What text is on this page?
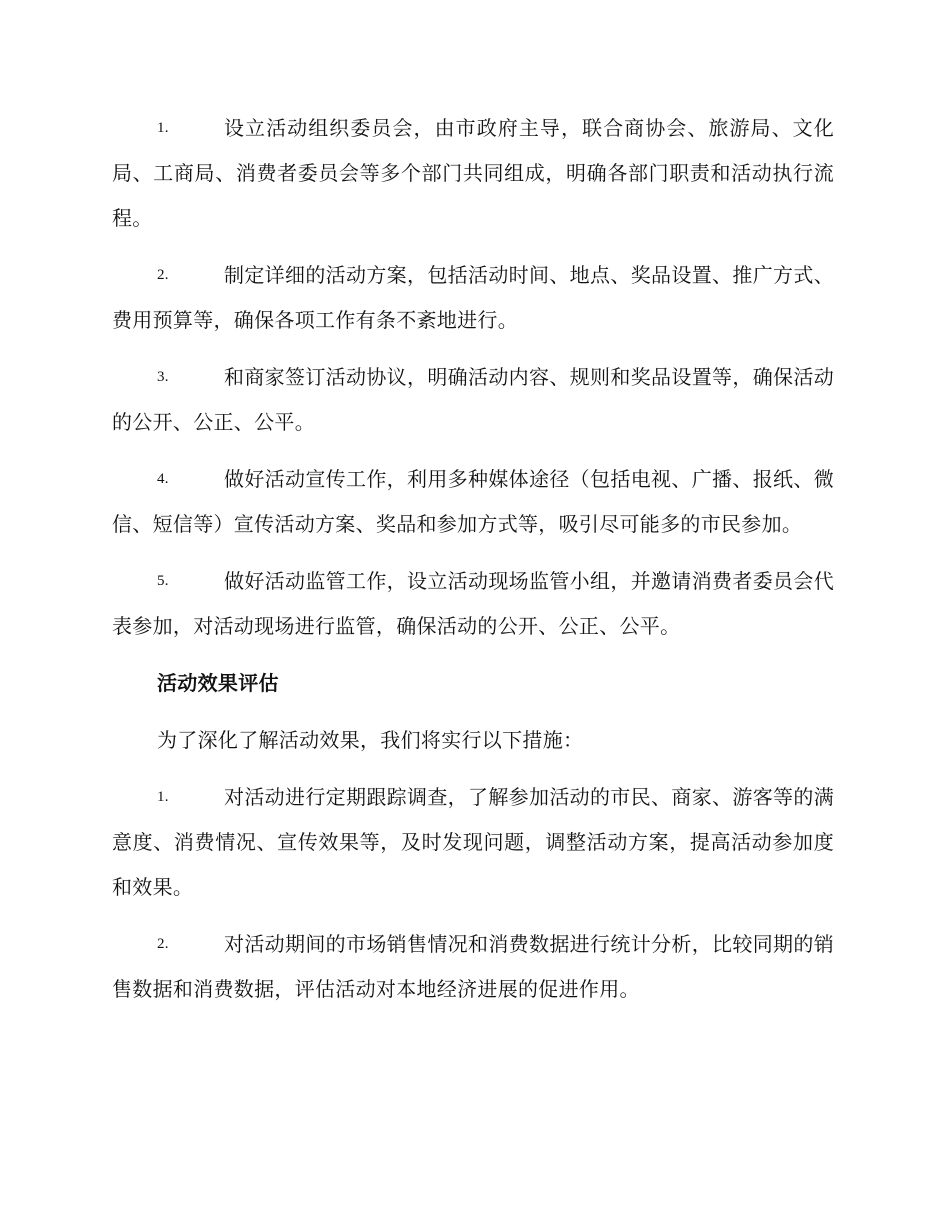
1.	设立活动组织委员会，由市政府主导，联合商协会、旅游局、文化局、工商局、消费者委员会等多个部门共同组成，明确各部门职责和活动执行流程。
2.	制定详细的活动方案，包括活动时间、地点、奖品设置、推广方式、费用预算等，确保各项工作有条不紊地进行。
3.	和商家签订活动协议，明确活动内容、规则和奖品设置等，确保活动的公开、公正、公平。
4.	做好活动宣传工作，利用多种媒体途径（包括电视、广播、报纸、微信、短信等）宣传活动方案、奖品和参加方式等，吸引尽可能多的市民参加。
5.	做好活动监管工作，设立活动现场监管小组，并邀请消费者委员会代表参加，对活动现场进行监管，确保活动的公开、公正、公平。
活动效果评估
为了深化了解活动效果，我们将实行以下措施：
1.	对活动进行定期跟踪调查，了解参加活动的市民、商家、游客等的满意度、消费情况、宣传效果等，及时发现问题，调整活动方案，提高活动参加度和效果。
2.	对活动期间的市场销售情况和消费数据进行统计分析，比较同期的销售数据和消费数据，评估活动对本地经济进展的促进作用。
